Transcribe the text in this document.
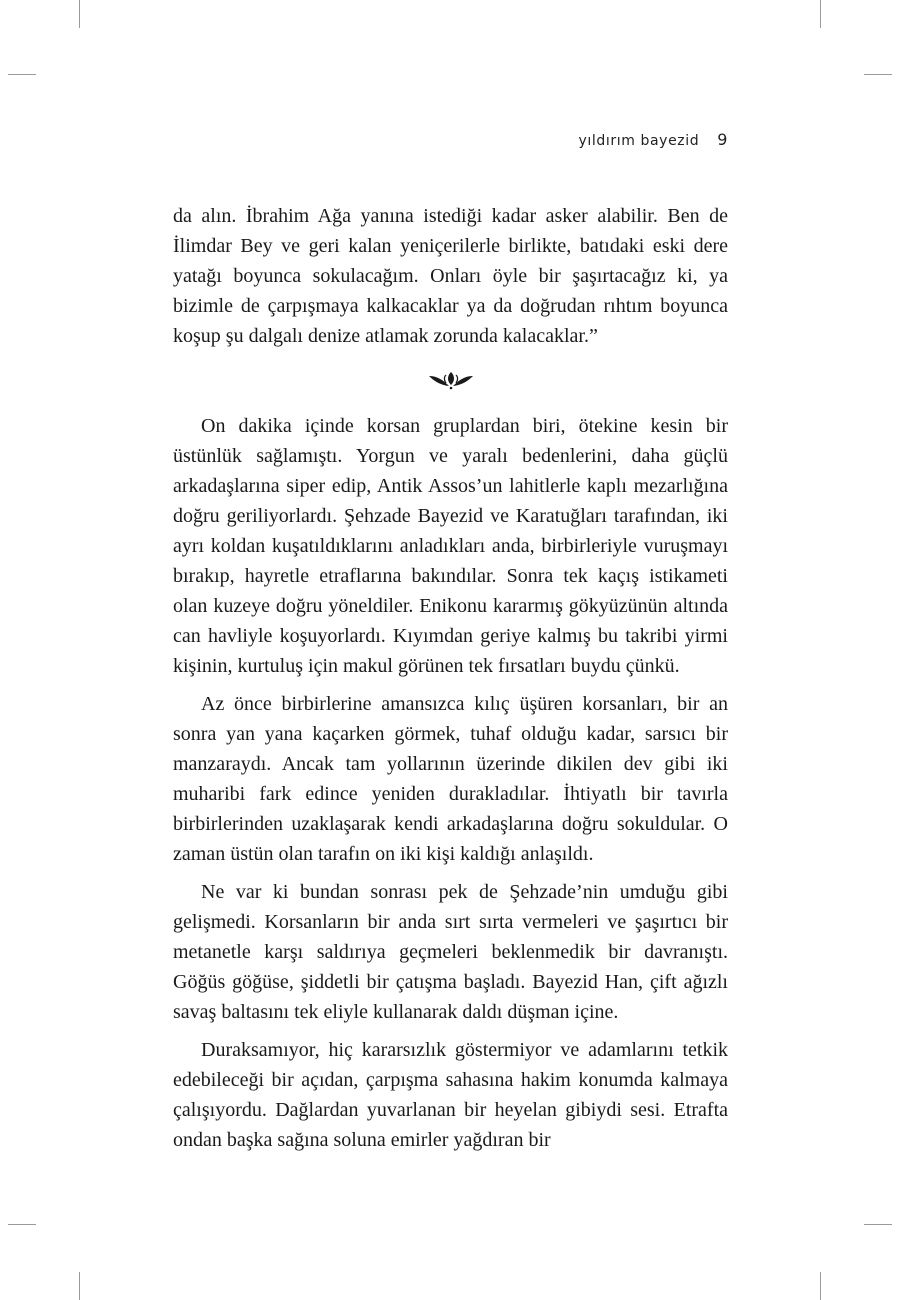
yıldırım bayezid 9

da alın. İbrahim Ağa yanına istediği kadar asker alabilir. Ben de İlimdar Bey ve geri kalan yeniçerilerle birlikte, batıdaki eski dere yatağı boyunca sokulacağım. Onları öyle bir şaşırtacağız ki, ya bizimle de çarpışmaya kalkacaklar ya da doğrudan rıhtım boyunca koşup şu dalgalı denize atlamak zorunda kalacaklar.”

On dakika içinde korsan gruplardan biri, ötekine kesin bir üstünlük sağlamıştı. Yorgun ve yaralı bedenlerini, daha güçlü arkadaşlarına siper edip, Antik Assos’un lahitlerle kaplı mezarlığına doğru geriliyorlardı. Şehzade Bayezid ve Karatuğları tarafından, iki ayrı koldan kuşatıldıklarını anladıkları anda, birbirleriyle vuruşmayı bırakıp, hayretle etraflarına bakındılar. Sonra tek kaçış istikameti olan kuzeye doğru yöneldiler. Enikonu kararmış gökyüzünün altında can havliyle koşuyorlardı. Kıyımdan geriye kalmış bu takribi yirmi kişinin, kurtuluş için makul görünen tek fırsatları buydu çünkü.

Az önce birbirlerine amansızca kılıç üşüren korsanları, bir an sonra yan yana kaçarken görmek, tuhaf olduğu kadar, sarsıcı bir manzaraydı. Ancak tam yollarının üzerinde dikilen dev gibi iki muharibi fark edince yeniden durakladılar. İhtiyatlı bir tavırla birbirlerinden uzaklaşarak kendi arkadaşlarına doğru sokuldular. O zaman üstün olan tarafın on iki kişi kaldığı anlaşıldı.

Ne var ki bundan sonrası pek de Şehzade’nin umduğu gibi gelişmedi. Korsanların bir anda sırt sırta vermeleri ve şaşırtıcı bir metanetle karşı saldırıya geçmeleri beklenmedik bir davranıştı. Göğüs göğüse, şiddetli bir çatışma başladı. Bayezid Han, çift ağızlı savaş baltasını tek eliyle kullanarak daldı düşman içine.

Duraksamıyor, hiç kararsızlık göstermiyor ve adamlarını tetkik edebileceği bir açıdan, çarpışma sahasına hakim konumda kalmaya çalışıyordu. Dağlardan yuvarlanan bir heyelan gibiydi sesi. Etrafta ondan başka sağına soluna emirler yağdıran bir
